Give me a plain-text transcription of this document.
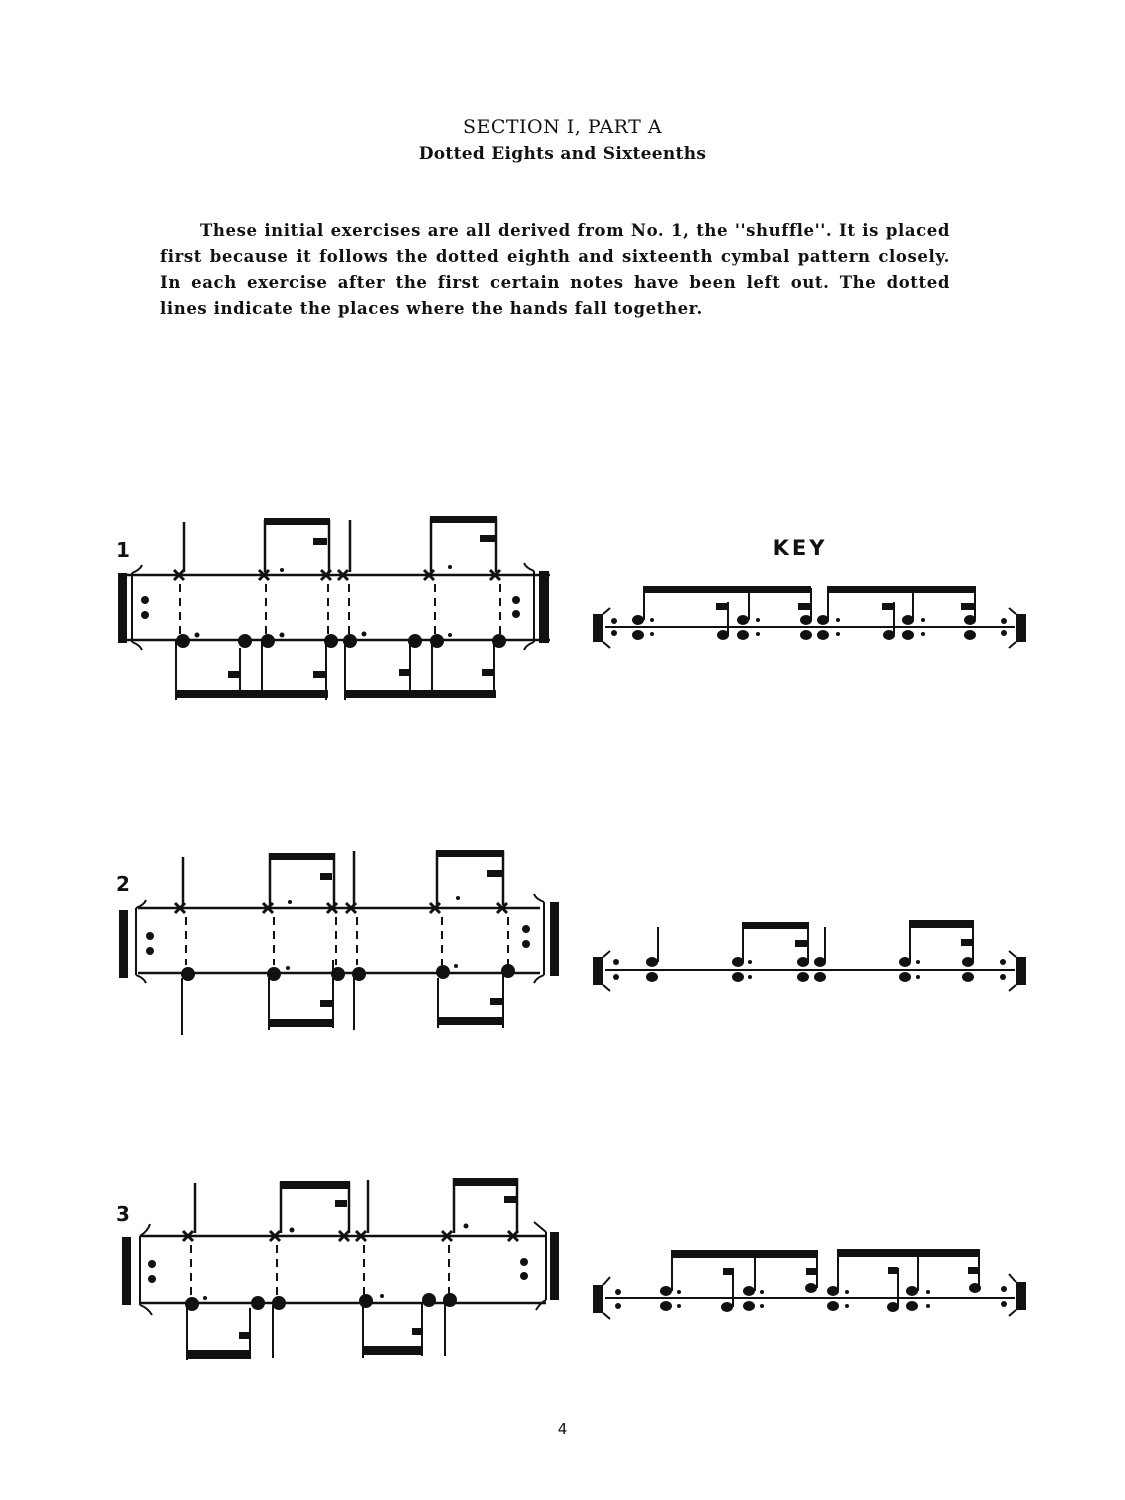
SECTION I, PART A
Dotted Eights and Sixteenths
These initial exercises are all derived from No. 1, the ''shuffle''. It is placed first because it follows the dotted eighth and sixteenth cymbal pattern closely. In each exercise after the first certain notes have been left out. The dotted lines indicate the places where the hands fall together.
1
2
3
KEY
4
